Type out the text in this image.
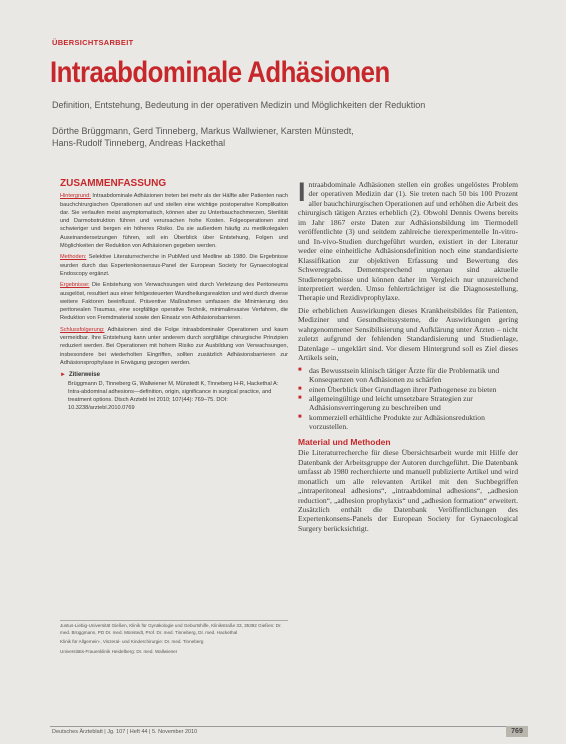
ÜBERSICHTSARBEIT
Intraabdominale Adhäsionen
Definition, Entstehung, Bedeutung in der operativen Medizin und Möglichkeiten der Reduktion
Dörthe Brüggmann, Gerd Tinneberg, Markus Wallwiener, Karsten Münstedt,
Hans-Rudolf Tinneberg, Andreas Hackethal
ZUSAMMENFASSUNG

Hintergrund: Intraabdominale Adhäsionen treten bei mehr als der Hälfte aller Patienten nach bauchchirurgischen Operationen auf und stellen eine wichtige postoperative Komplikation dar. Sie verlaufen meist asymptomatisch, können aber zu Unterbauchschmerzen, Sterilität und Darmobstruktion führen und verursachen hohe Kosten. Folgeoperationen sind schwieriger und bergen ein höheres Risiko. Da sie außerdem häufig zu medikolegalen Auseinandersetzungen führen, soll ein Überblick über Entstehung, Folgen und Möglichkeiten der Reduktion von Adhäsionen gegeben werden.

Methoden: Selektive Literaturrecherche in PubMed und Medline ab 1980. Die Ergebnisse wurden durch das Expertenkonsensus-Panel der European Society for Gynaecological Endoscopy ergänzt.

Ergebnisse: Die Entstehung von Verwachsungen wird durch Verletzung des Peritoneums ausgelöst, resultiert aus einer fehlgesteuerten Wundheilungsreaktion und wird durch diverse weitere Faktoren beeinflusst. Präventive Maßnahmen umfassen die Minimierung des peritonealen Traumas, eine sorgfältige operative Technik, minimalinvasive Verfahren, die Reduktion von Fremdmaterial sowie den Einsatz von Adhäsionsbarrieren.

Schlussfolgerung: Adhäsionen sind die Folge intraabdominaler Operationen und kaum vermeidbar. Ihre Entstehung kann unter anderem durch sorgfältige chirurgische Prinzipien reduziert werden. Bei Operationen mit hohem Risiko zur Ausbildung von Verwachsungen, insbesondere bei wiederholten Eingriffen, sollten zusätzlich Adhäsionsbarrieren zur Adhäsionsprophylaxe in Erwägung gezogen werden.

► Zitierweise
Brüggmann D, Tinneberg G, Wallwiener M, Münstedt K, Tinneberg H-R, Hackethal A: Intra-abdominal adhesions—definition, origin, significance in surgical practice, and treatment options. Dtsch Arztebl Int 2010; 107(44): 769–75. DOI: 10.3238/arztebl.2010.0769

Intraabdominale Adhäsionen stellen ein großes ungelöstes Problem der operativen Medizin dar (1). Sie treten nach 50 bis 100 Prozent aller bauchchirurgischen Operationen auf und erhöhen die Arbeit des chirurgisch tätigen Arztes erheblich (2). Obwohl Dennis Owens bereits im Jahr 1867 erste Daten zur Adhäsionsbildung im Tiermodell veröffentlichte (3) und seitdem zahlreiche tierexperimentelle In-vitro- und In-vivo-Studien durchgeführt wurden, existiert in der Literatur weder eine einheitliche Adhäsionsdefinition noch eine standardisierte Klassifikation zur objektiven Erfassung und Bewertung des Schweregrads. Dementsprechend ungenau sind aktuelle Studienergebnisse und können daher im Vergleich nur unzureichend interpretiert werden. Umso fehlerträchtiger ist die Diagnosestellung, Therapie und Rezidivprophylaxe.

Die erheblichen Auswirkungen dieses Krankheitsbildes für Patienten, Mediziner und Gesundheitssysteme, die Auswirkungen gering wahrgenommener Sensibilisierung und Aufklärung unter Ärzten – nicht zuletzt aufgrund der fehlenden Standardisierung und Studienlage, Datenlage – ungeklärt sind. Vor diesem Hintergrund soll es Ziel dieses Artikels sein,

■ das Bewusstsein klinisch tätiger Ärzte für die Problematik und Konsequenzen von Adhäsionen zu schärfen
■ einen Überblick über Grundlagen ihrer Pathogenese zu bieten
■ allgemeingültige und leicht umsetzbare Strategien zur Adhäsionsverringerung zu beschreiben und
■ kommerziell erhältliche Produkte zur Adhäsionsreduktion vorzustellen.
Material und Methoden

Die Literaturrecherche für diese Übersichtsarbeit wurde mit Hilfe der Datenbank der Arbeitsgruppe der Autoren durchgeführt. Die Datenbank umfasst ab 1980 recherchierte und manuell publizierte Artikel und wird monatlich um alle relevanten Artikel mit den Suchbegriffen „intraperitoneal adhesions“, „intraabdominal adhesions“, „adhesion reduction“, „adhesion prophylaxis“ und „adhesion formation“ erweitert. Zusätzlich enthält die Datenbank Veröffentlichungen des Expertenkonsens-Panels der European Society for Gynaecological Surgery berücksichtigt.

Justus-Liebig-Universität Gießen, Klinik für Gynäkologie und Geburtshilfe, Klinikstraße 33, 35392 Gießen: Dr. med. Brüggmann, PD Dr. med. Münstedt, Prof. Dr. med. Tinneberg, Dr. med. Hackethal

Klinik für Allgemein-, Viszeral- und Kinderchirurgie: Dr. med. Tinneberg

Universitäts-Frauenklinik Heidelberg: Dr. med. Wallwiener

Deutsches Ärzteblatt | Jg. 107 | Heft 44 | 5. November 2010	769
